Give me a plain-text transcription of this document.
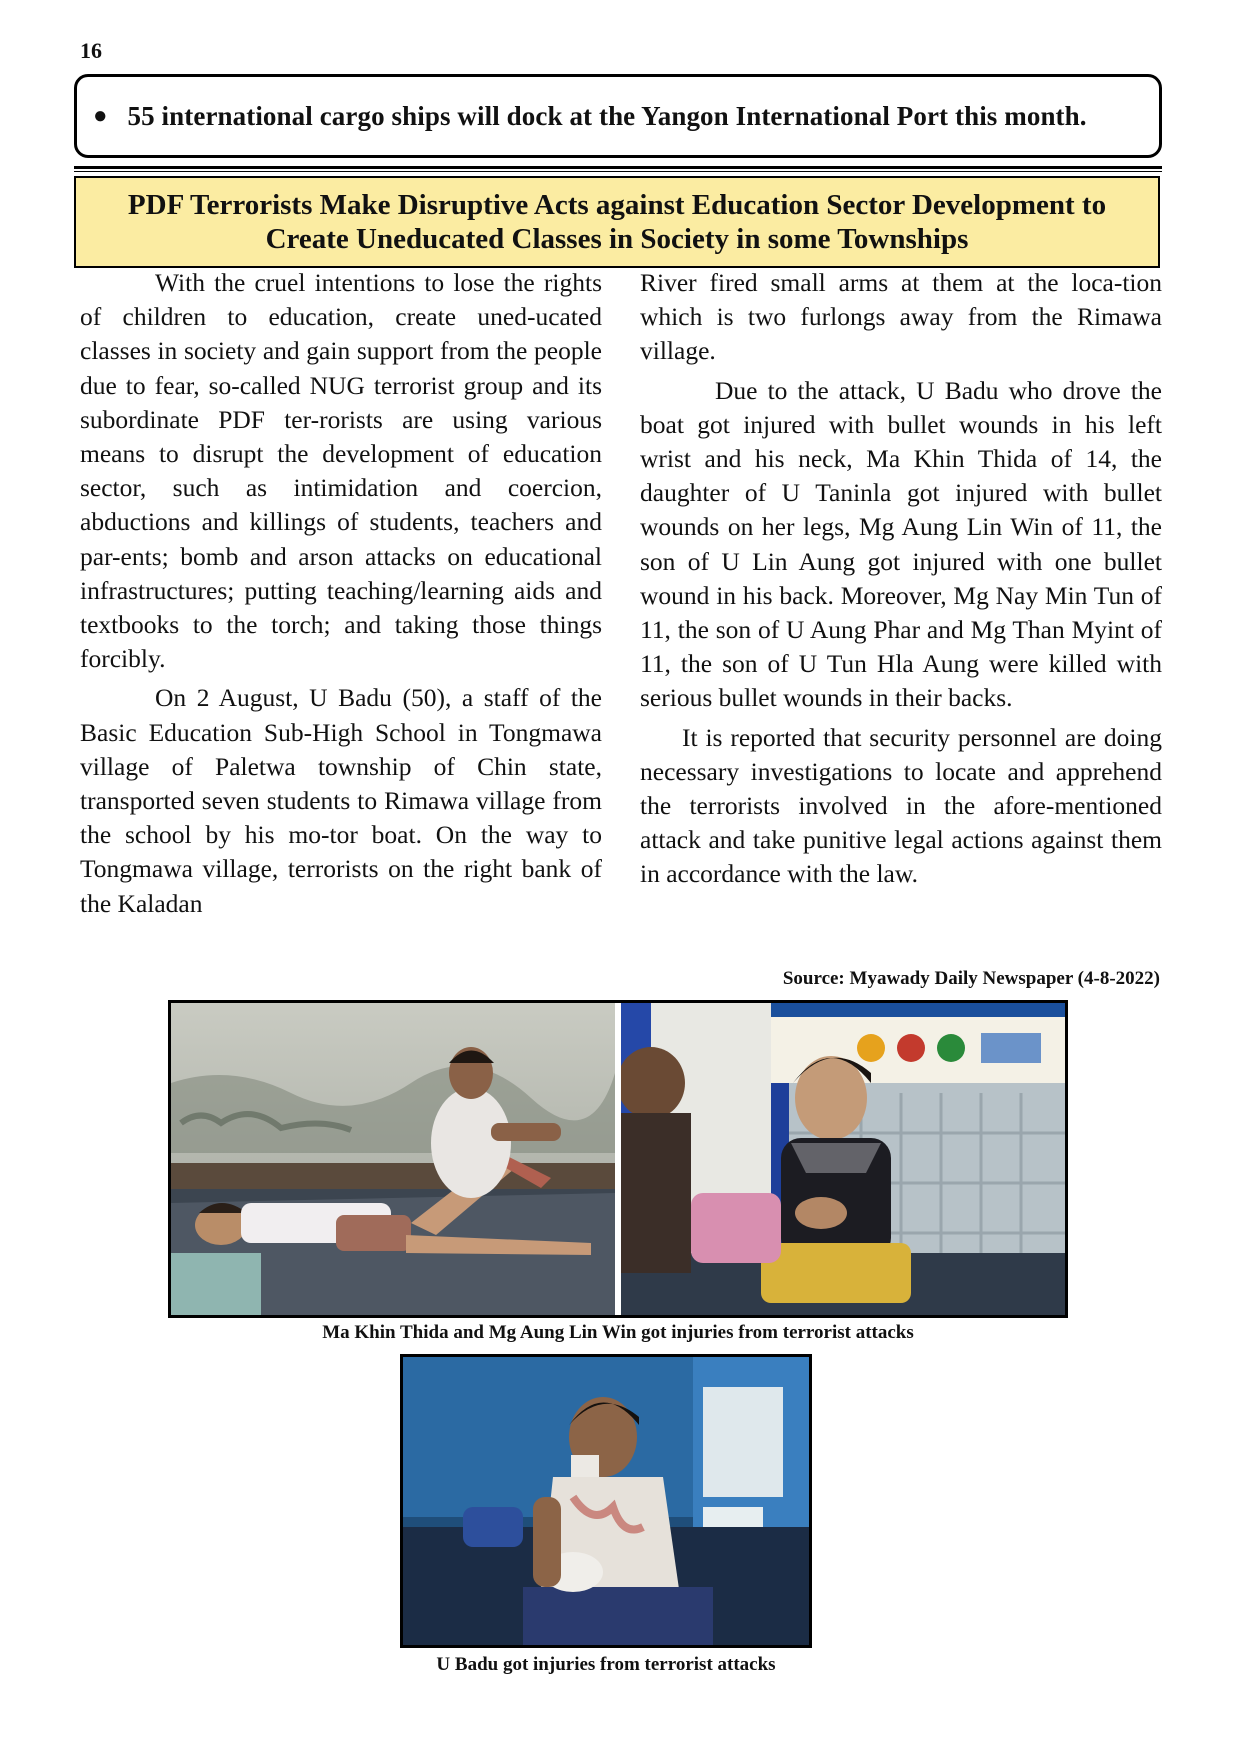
16
● 55 international cargo ships will dock at the Yangon International Port this month.
PDF Terrorists Make Disruptive Acts against Education Sector Development to Create Uneducated Classes in Society in some Townships

With the cruel intentions to lose the rights of children to education, create uned-ucated classes in society and gain support from the people due to fear, so-called NUG terrorist group and its subordinate PDF ter-rorists are using various means to disrupt the development of education sector, such as intimidation and coercion, abductions and killings of students, teachers and par-ents; bomb and arson attacks on educational infrastructures; putting teaching/learning aids and textbooks to the torch; and taking those things forcibly.

On 2 August, U Badu (50), a staff of the Basic Education Sub-High School in Tongmawa village of Paletwa township of Chin state, transported seven students to Rimawa village from the school by his mo-tor boat. On the way to Tongmawa village, terrorists on the right bank of the Kaladan

River fired small arms at them at the loca-tion which is two furlongs away from the Rimawa village.

Due to the attack, U Badu who drove the boat got injured with bullet wounds in his left wrist and his neck, Ma Khin Thida of 14, the daughter of U Taninla got injured with bullet wounds on her legs, Mg Aung Lin Win of 11, the son of U Lin Aung got injured with one bullet wound in his back. Moreover, Mg Nay Min Tun of 11, the son of U Aung Phar and Mg Than Myint of 11, the son of U Tun Hla Aung were killed with serious bullet wounds in their backs.

It is reported that security personnel are doing necessary investigations to locate and apprehend the terrorists involved in the afore-mentioned attack and take punitive legal actions against them in accordance with the law.

Source: Myawady Daily Newspaper (4-8-2022)
Ma Khin Thida and Mg Aung Lin Win got injuries from terrorist attacks
U Badu got injuries from terrorist attacks
